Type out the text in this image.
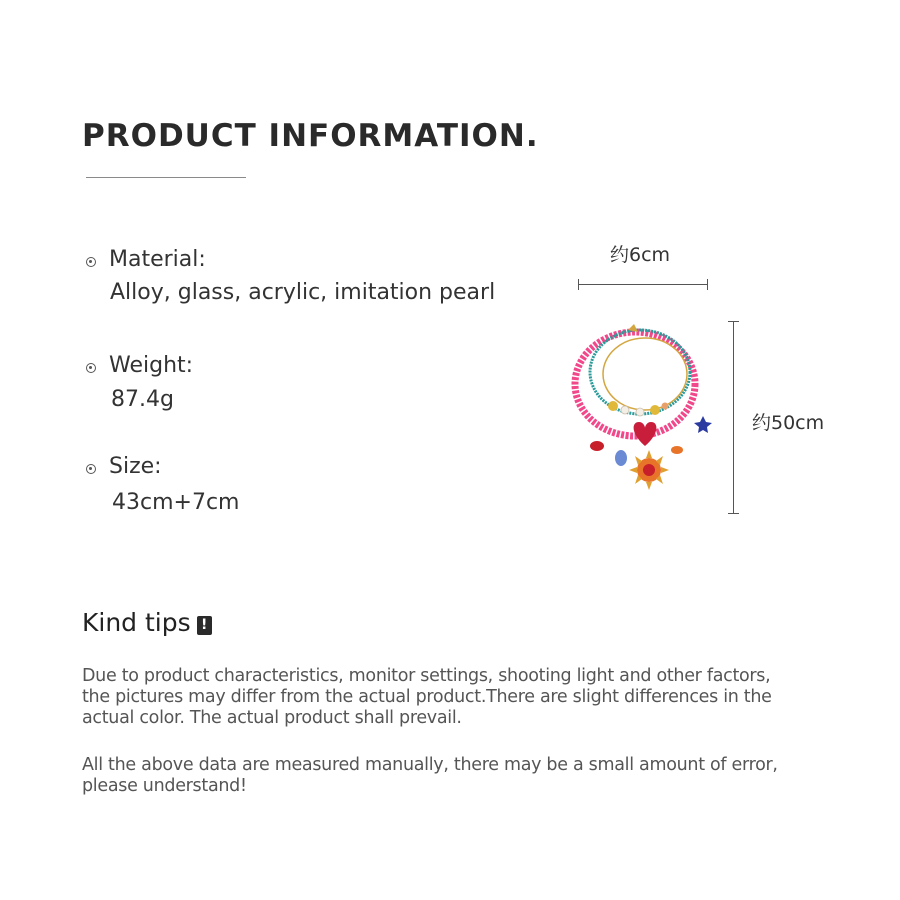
PRODUCT INFORMATION.
Material:
Alloy, glass, acrylic, imitation pearl
Weight:
87.4g
Size:
43cm+7cm
约6cm
约50cm
Kind tips !
Due to product characteristics, monitor settings, shooting light and other factors, the pictures may differ from the actual product.There are slight differences in the actual color. The actual product shall prevail.
All the above data are measured manually, there may be a small amount of error, please understand!
